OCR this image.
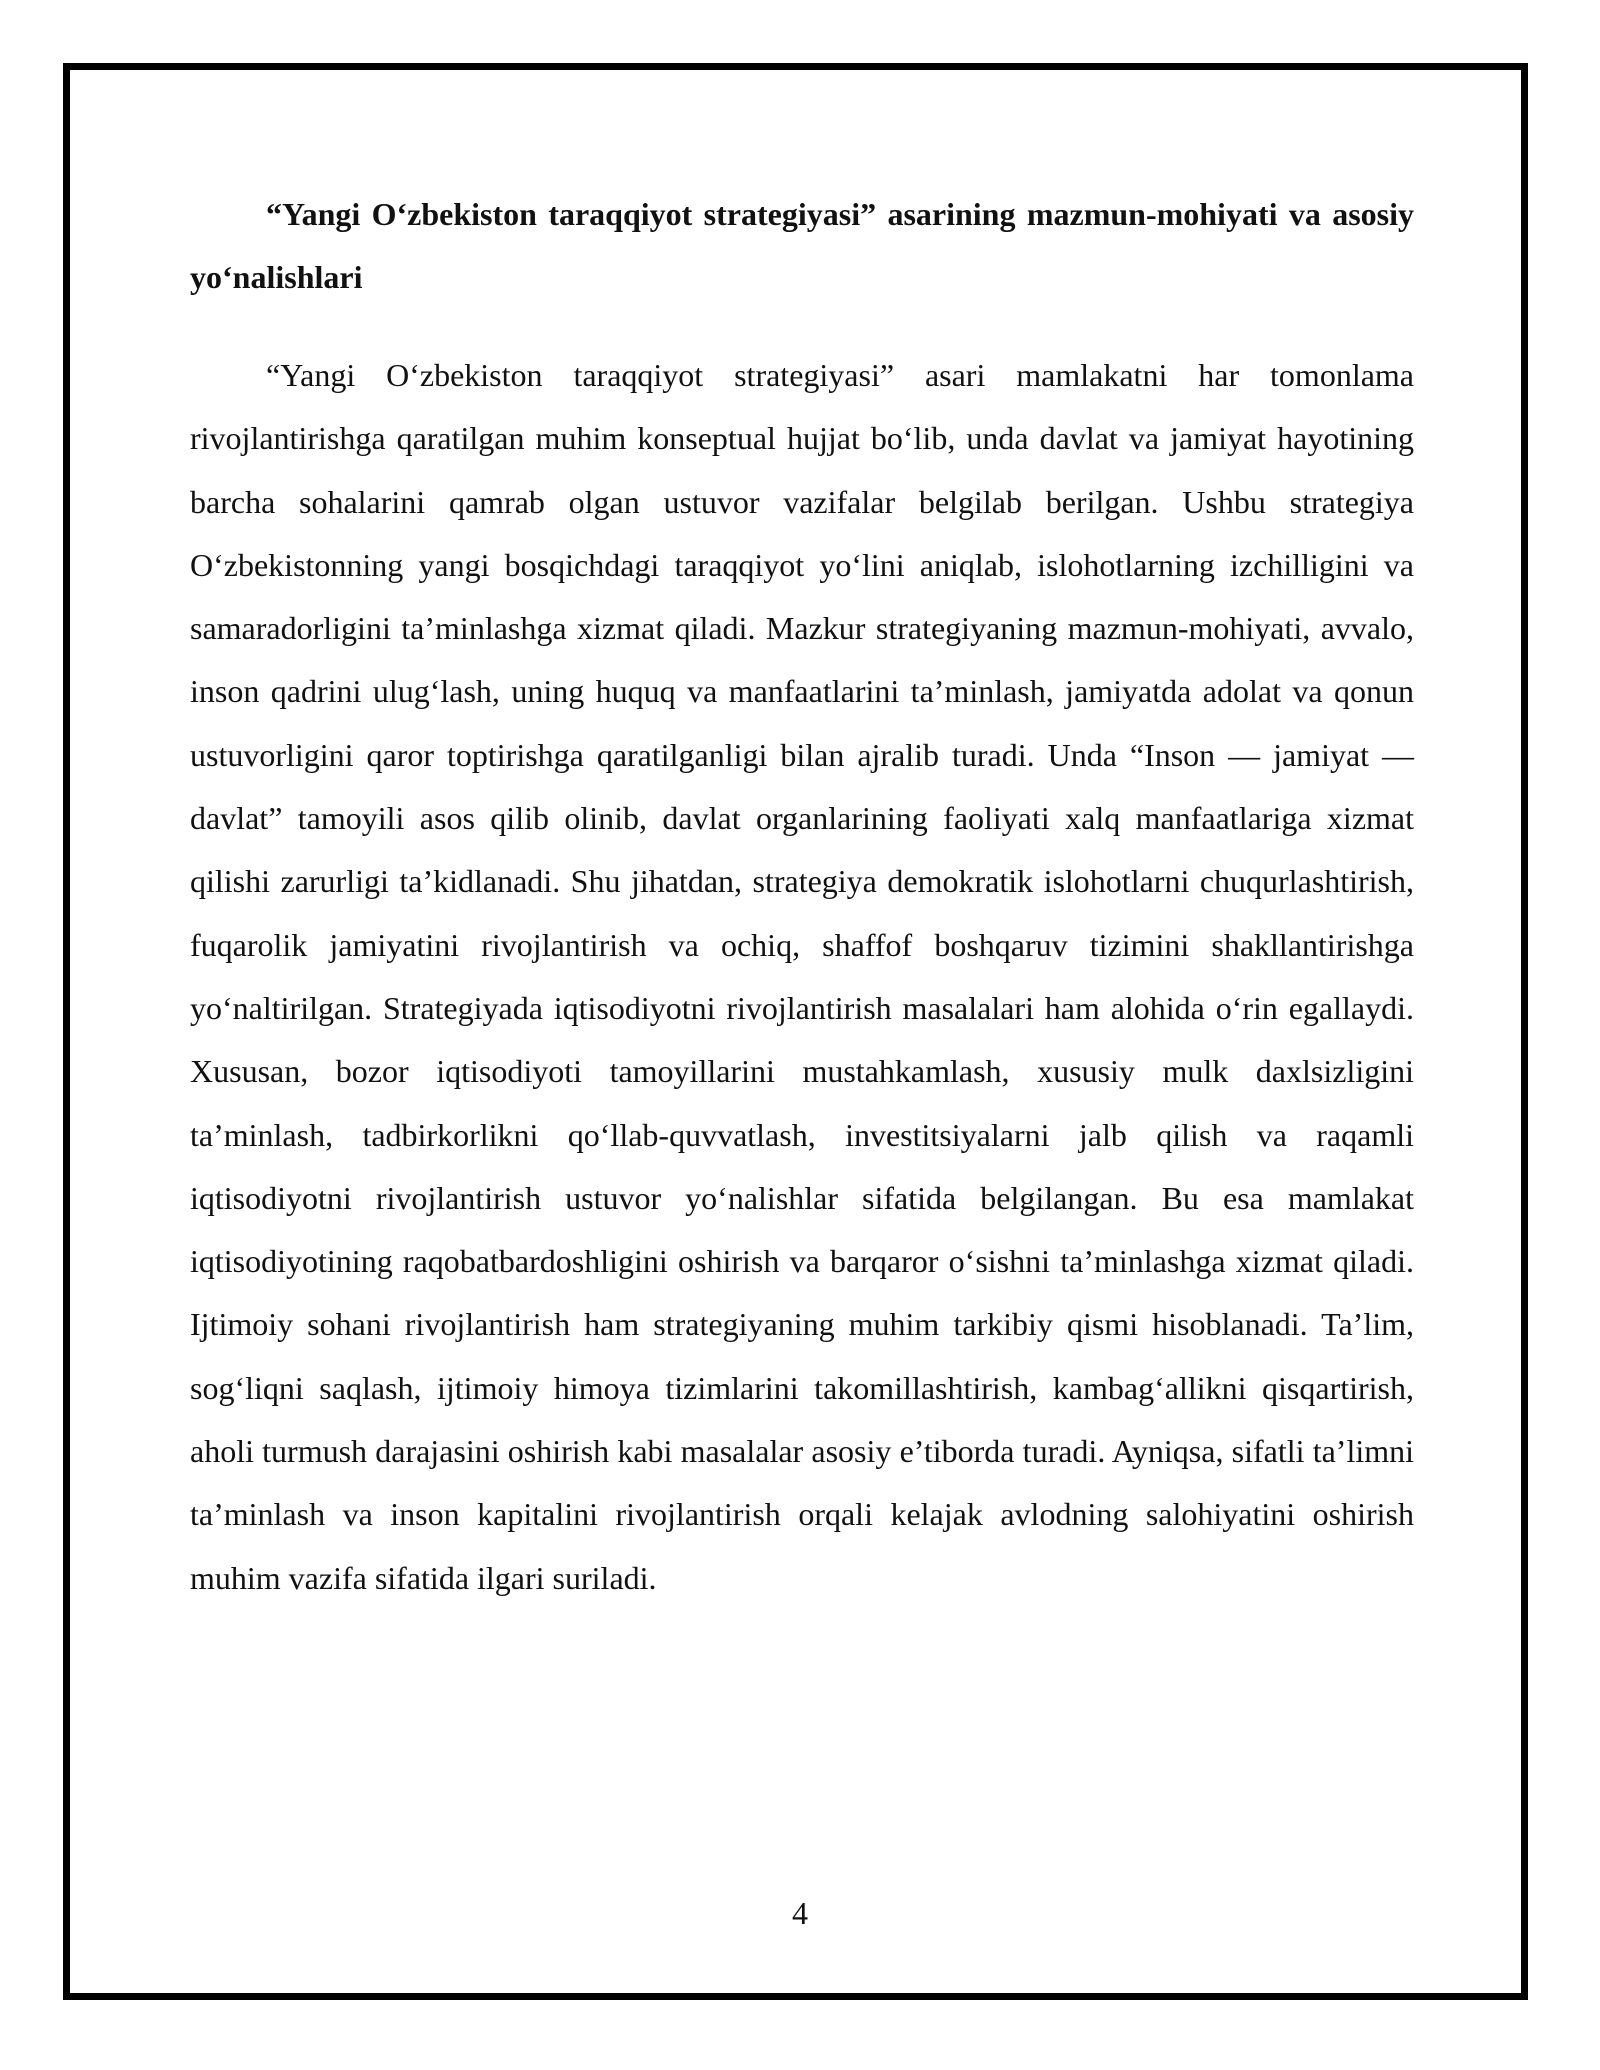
“Yangi O‘zbekiston taraqqiyot strategiyasi” asarining mazmun-mohiyati va asosiy yo‘nalishlari

“Yangi O‘zbekiston taraqqiyot strategiyasi” asari mamlakatni har tomonlama rivojlantirishga qaratilgan muhim konseptual hujjat bo‘lib, unda davlat va jamiyat hayotining barcha sohalarini qamrab olgan ustuvor vazifalar belgilab berilgan. Ushbu strategiya O‘zbekistonning yangi bosqichdagi taraqqiyot yo‘lini aniqlab, islohotlarning izchilligini va samaradorligini ta’minlashga xizmat qiladi. Mazkur strategiyaning mazmun-mohiyati, avvalo, inson qadrini ulug‘lash, uning huquq va manfaatlarini ta’minlash, jamiyatda adolat va qonun ustuvorligini qaror toptirishga qaratilganligi bilan ajralib turadi. Unda “Inson — jamiyat — davlat” tamoyili asos qilib olinib, davlat organlarining faoliyati xalq manfaatlariga xizmat qilishi zarurligi ta’kidlanadi. Shu jihatdan, strategiya demokratik islohotlarni chuqurlashtirish, fuqarolik jamiyatini rivojlantirish va ochiq, shaffof boshqaruv tizimini shakllantirishga yo‘naltirilgan. Strategiyada iqtisodiyotni rivojlantirish masalalari ham alohida o‘rin egallaydi. Xususan, bozor iqtisodiyoti tamoyillarini mustahkamlash, xususiy mulk daxlsizligini ta’minlash, tadbirkorlikni qo‘llab-quvvatlash, investitsiyalarni jalb qilish va raqamli iqtisodiyotni rivojlantirish ustuvor yo‘nalishlar sifatida belgilangan. Bu esa mamlakat iqtisodiyotining raqobatbardoshligini oshirish va barqaror o‘sishni ta’minlashga xizmat qiladi. Ijtimoiy sohani rivojlantirish ham strategiyaning muhim tarkibiy qismi hisoblanadi. Ta’lim, sog‘liqni saqlash, ijtimoiy himoya tizimlarini takomillashtirish, kambag‘allikni qisqartirish, aholi turmush darajasini oshirish kabi masalalar asosiy e’tiborda turadi. Ayniqsa, sifatli ta’limni ta’minlash va inson kapitalini rivojlantirish orqali kelajak avlodning salohiyatini oshirish muhim vazifa sifatida ilgari suriladi.

4
